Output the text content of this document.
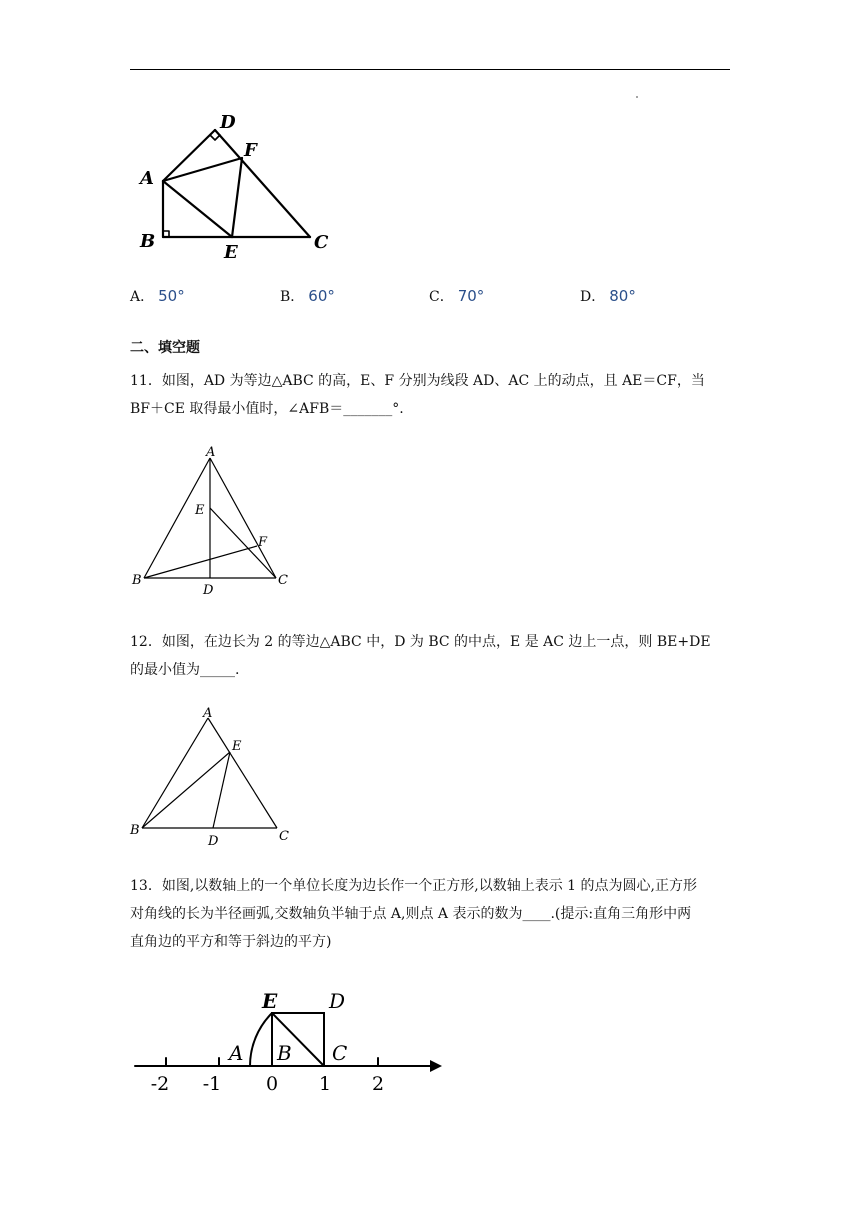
A
B	C
D
E
F
A． 50°	B． 60°	C． 70°	D． 80°
二、填空题

11．如图，AD 为等边△ABC 的高，E、F 分别为线段 AD、AC 上的动点，且 AE＝CF，当

BF＋CE 取得最小值时，∠AFB＝_______°.

A
B	C
D
E
F

12．如图，在边长为 2 的等边△ABC 中，D 为 BC 的中点，E 是 AC 边上一点，则 BE+DE

的最小值为_____.

A
B	C
D
E

13．如图,以数轴上的一个单位长度为边长作一个正方形,以数轴上表示 1 的点为圆心,正方形

对角线的长为半径画弧,交数轴负半轴于点 A,则点 A 表示的数为____.(提示:直角三角形中两

直角边的平方和等于斜边的平方)

E	D
A B C
-2 -1 0 1 2
